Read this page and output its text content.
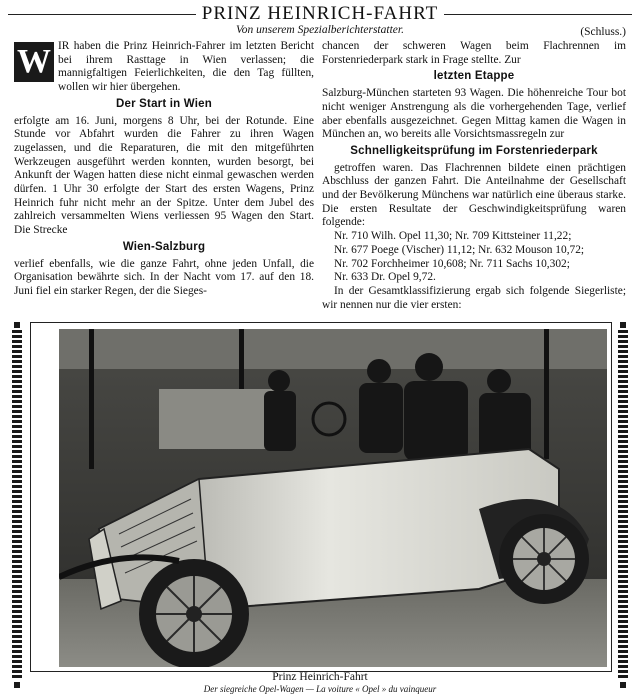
PRINZ HEINRICH-FAHRT
Von unserem Spezialberichterstatter.	(Schluss.)
W IR haben die Prinz Heinrich-Fahrer im letzten Bericht bei ihrem Rasttage in Wien verlassen; die mannigfaltigen Feierlichkeiten, die den Tag füllten, wollen wir hier übergehen.

Der Start in Wien

erfolgte am 16. Juni, morgens 8 Uhr, bei der Rotunde. Eine Stunde vor Abfahrt wurden die Fahrer zu ihren Wagen zugelassen, und die Reparaturen, die mit den mitgeführten Werkzeugen ausgeführt werden konnten, wurden besorgt, bei Ankunft der Wagen hatten diese nicht einmal gewaschen werden dürfen. 1 Uhr 30 erfolgte der Start des ersten Wagens, Prinz Heinrich fuhr nicht mehr an der Spitze. Unter dem Jubel des zahlreich versammelten Wiens verliessen 95 Wagen den Start. Die Strecke

Wien-Salzburg

verlief ebenfalls, wie die ganze Fahrt, ohne jeden Unfall, die Organisation bewährte sich. In der Nacht vom 17. auf den 18. Juni fiel ein starker Regen, der die Sieges-

chancen der schweren Wagen beim Flachrennen im Forstenriederpark stark in Frage stellte. Zur

letzten Etappe

Salzburg-München starteten 93 Wagen. Die höhenreiche Tour bot nicht weniger Anstrengung als die vorhergehenden Tage, verlief aber ebenfalls ausgezeichnet. Gegen Mittag kamen die Wagen in München an, wo bereits alle Vorsichtsmassregeln zur

Schnelligkeitsprüfung im Forstenriederpark

getroffen waren. Das Flachrennen bildete einen prächtigen Abschluss der ganzen Fahrt. Die Anteilnahme der Gesellschaft und der Bevölkerung Münchens war natürlich eine überaus starke. Die ersten Resultate der Geschwindigkeitsprüfung waren folgende:

Nr. 710 Wilh. Opel 11,30; Nr. 709 Kittsteiner 11,22;

Nr. 677 Poege (Vischer) 11,12; Nr. 632 Mouson 10,72;

Nr. 702 Forchheimer 10,608; Nr. 711 Sachs 10,302;

Nr. 633 Dr. Opel 9,72.

In der Gesamtklassifizierung ergab sich folgende Siegerliste; wir nennen nur die vier ersten:

Prinz Heinrich-Fahrt
Der siegreiche Opel-Wagen — La voiture « Opel » du vainqueur
